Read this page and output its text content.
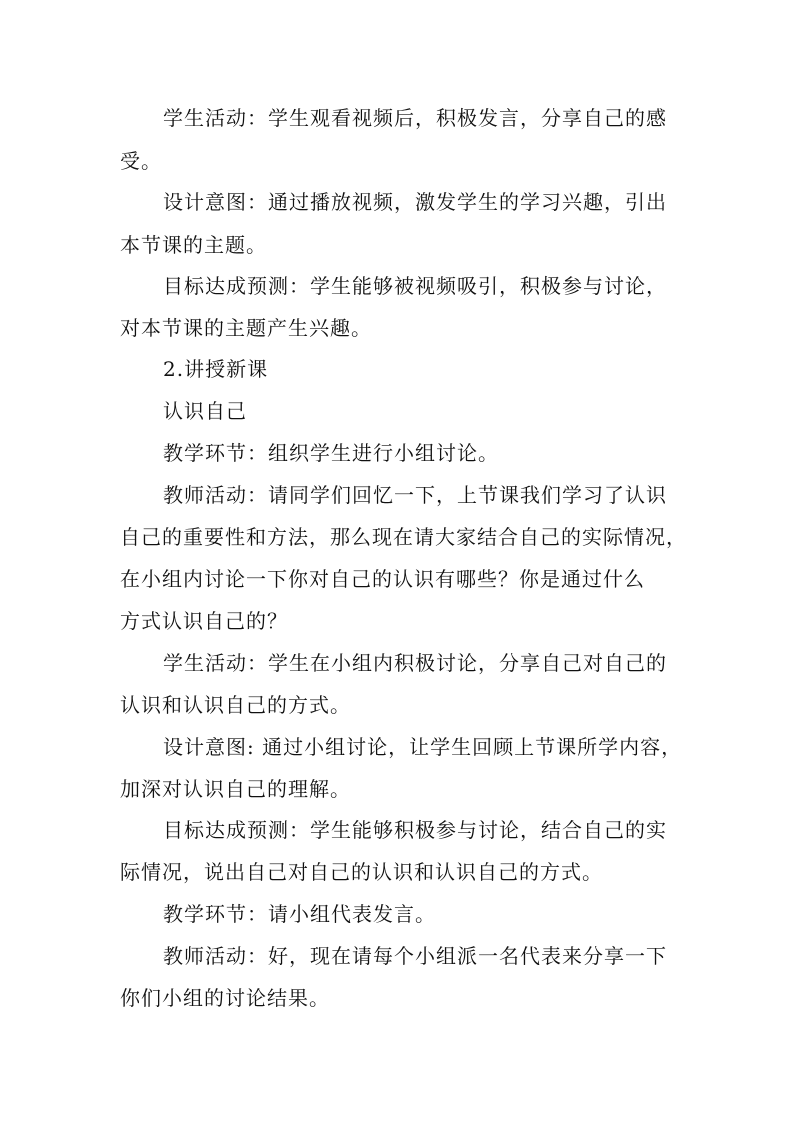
学生活动：学生观看视频后，积极发言，分享自己的感
受。
设计意图：通过播放视频，激发学生的学习兴趣，引出
本节课的主题。
目标达成预测：学生能够被视频吸引，积极参与讨论，
对本节课的主题产生兴趣。
2.讲授新课
认识自己
教学环节：组织学生进行小组讨论。
教师活动：请同学们回忆一下，上节课我们学习了认识
自己的重要性和方法，那么现在请大家结合自己的实际情况，
在小组内讨论一下你对自己的认识有哪些？你是通过什么
方式认识自己的？
学生活动：学生在小组内积极讨论，分享自己对自己的
认识和认识自己的方式。
设计意图: 通过小组讨论，让学生回顾上节课所学内容，
加深对认识自己的理解。
目标达成预测：学生能够积极参与讨论，结合自己的实
际情况，说出自己对自己的认识和认识自己的方式。
教学环节：请小组代表发言。
教师活动：好，现在请每个小组派一名代表来分享一下
你们小组的讨论结果。
